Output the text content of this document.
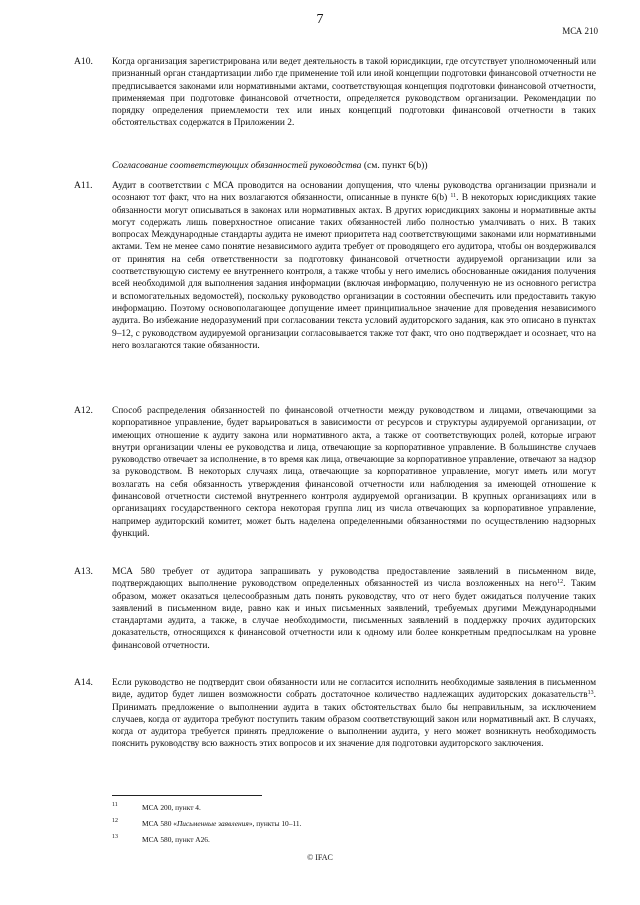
7
МСА 210
A10. Когда организация зарегистрирована или ведет деятельность в такой юрисдикции, где отсутствует уполномоченный или признанный орган стандартизации либо где применение той или иной концепции подготовки финансовой отчетности не предписывается законами или нормативными актами, соответствующая концепция подготовки финансовой отчетности, применяемая при подготовке финансовой отчетности, определяется руководством организации. Рекомендации по порядку определения приемлемости тех или иных концепций подготовки финансовой отчетности в таких обстоятельствах содержатся в Приложении 2.

Согласование соответствующих обязанностей руководства (см. пункт 6(b))
A11. Аудит в соответствии с МСА проводится на основании допущения, что члены руководства организации признали и осознают тот факт, что на них возлагаются обязанности, описанные в пункте 6(b) $^{11}$. В некоторых юрисдикциях такие обязанности могут описываться в законах или нормативных актах. В других юрисдикциях законы и нормативные акты могут содержать лишь поверхностное описание таких обязанностей либо полностью умалчивать о них. В таких вопросах Международные стандарты аудита не имеют приоритета над соответствующими законами или нормативными актами. Тем не менее само понятие независимого аудита требует от проводящего его аудитора, чтобы он воздерживался от принятия на себя ответственности за подготовку финансовой отчетности аудируемой организации или за соответствующую систему ее внутреннего контроля, а также чтобы у него имелись обоснованные ожидания получения всей необходимой для выполнения задания информации (включая информацию, полученную не из основного регистра и вспомогательных ведомостей), поскольку руководство организации в состоянии обеспечить или предоставить такую информацию. Поэтому основополагающее допущение имеет принципиальное значение для проведения независимого аудита. Во избежание недоразумений при согласовании текста условий аудиторского задания, как это описано в пунктах 9–12, с руководством аудируемой организации согласовывается также тот факт, что оно подтверждает и осознает, что на него возлагаются такие обязанности.

A12. Способ распределения обязанностей по финансовой отчетности между руководством и лицами, отвечающими за корпоративное управление, будет варьироваться в зависимости от ресурсов и структуры аудируемой организации, от имеющих отношение к аудиту закона или нормативного акта, а также от соответствующих ролей, которые играют внутри организации члены ее руководства и лица, отвечающие за корпоративное управление. В большинстве случаев руководство отвечает за исполнение, в то время как лица, отвечающие за корпоративное управление, отвечают за надзор за руководством. В некоторых случаях лица, отвечающие за корпоративное управление, могут иметь или могут возлагать на себя обязанность утверждения финансовой отчетности или наблюдения за имеющей отношение к финансовой отчетности системой внутреннего контроля аудируемой организации. В крупных организациях или в организациях государственного сектора некоторая группа лиц из числа отвечающих за корпоративное управление, например аудиторский комитет, может быть наделена определенными обязанностями по осуществлению надзорных функций.

A13. МСА 580 требует от аудитора запрашивать у руководства предоставление заявлений в письменном виде, подтверждающих выполнение руководством определенных обязанностей из числа возложенных на него$^{12}$. Таким образом, может оказаться целесообразным дать понять руководству, что от него будет ожидаться получение таких заявлений в письменном виде, равно как и иных письменных заявлений, требуемых другими Международными стандартами аудита, а также, в случае необходимости, письменных заявлений в поддержку прочих аудиторских доказательств, относящихся к финансовой отчетности или к одному или более конкретным предпосылкам на уровне финансовой отчетности.

A14. Если руководство не подтвердит свои обязанности или не согласится исполнить необходимые заявления в письменном виде, аудитор будет лишен возможности собрать достаточное количество надлежащих аудиторских доказательств$^{13}$. Принимать предложение о выполнении аудита в таких обстоятельствах было бы неправильным, за исключением случаев, когда от аудитора требуют поступить таким образом соответствующий закон или нормативный акт. В случаях, когда от аудитора требуется принять предложение о выполнении аудита, у него может возникнуть необходимость пояснить руководству всю важность этих вопросов и их значение для подготовки аудиторского заключения.

11	МСА 200, пункт 4.
12	МСА 580 «Письменные заявления», пункты 10–11.
13	МСА 580, пункт A26.
© IFAC
